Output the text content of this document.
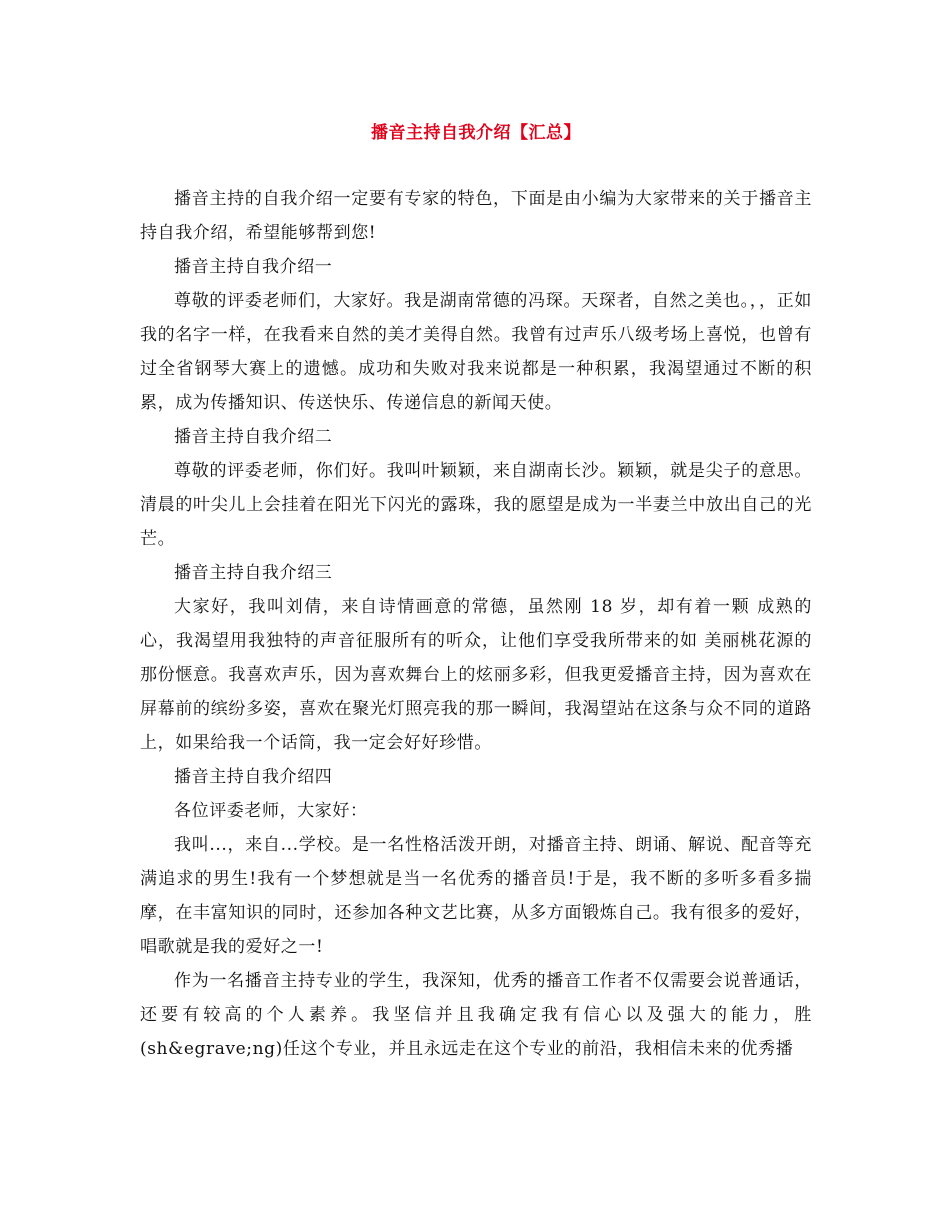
播音主持自我介绍【汇总】

播音主持的自我介绍一定要有专家的特色，下面是由小编为大家带来的关于播音主持自我介绍，希望能够帮到您!

播音主持自我介绍一

尊敬的评委老师们，大家好。我是湖南常德的冯琛。天琛者，自然之美也。，，正如我的名字一样，在我看来自然的美才美得自然。我曾有过声乐八级考场上喜悦，也曾有过全省钢琴大赛上的遗憾。成功和失败对我来说都是一种积累，我渴望通过不断的积累，成为传播知识、传送快乐、传递信息的新闻天使。

播音主持自我介绍二

尊敬的评委老师，你们好。我叫叶颖颖，来自湖南长沙。颖颖，就是尖子的意思。清晨的叶尖儿上会挂着在阳光下闪光的露珠，我的愿望是成为一半妻兰中放出自己的光芒。

播音主持自我介绍三

大家好，我叫刘倩，来自诗情画意的常德，虽然刚 18 岁，却有着一颗 成熟的心，我渴望用我独特的声音征服所有的听众，让他们享受我所带来的如 美丽桃花源的那份惬意。我喜欢声乐，因为喜欢舞台上的炫丽多彩，但我更爱播音主持，因为喜欢在屏幕前的缤纷多姿，喜欢在聚光灯照亮我的那一瞬间，我渴望站在这条与众不同的道路上，如果给我一个话筒，我一定会好好珍惜。

播音主持自我介绍四

各位评委老师，大家好：

我叫...，来自...学校。是一名性格活泼开朗，对播音主持、朗诵、解说、配音等充满追求的男生!我有一个梦想就是当一名优秀的播音员!于是，我不断的多听多看多揣摩，在丰富知识的同时，还参加各种文艺比赛，从多方面锻炼自己。我有很多的爱好，唱歌就是我的爱好之一!

作为一名播音主持专业的学生，我深知，优秀的播音工作者不仅需要会说普通话，还要有较高的个人素养。我坚信并且我确定我有信心以及强大的能力，胜(sh&egrave;ng)任这个专业，并且永远走在这个专业的前沿，我相信未来的优秀播
